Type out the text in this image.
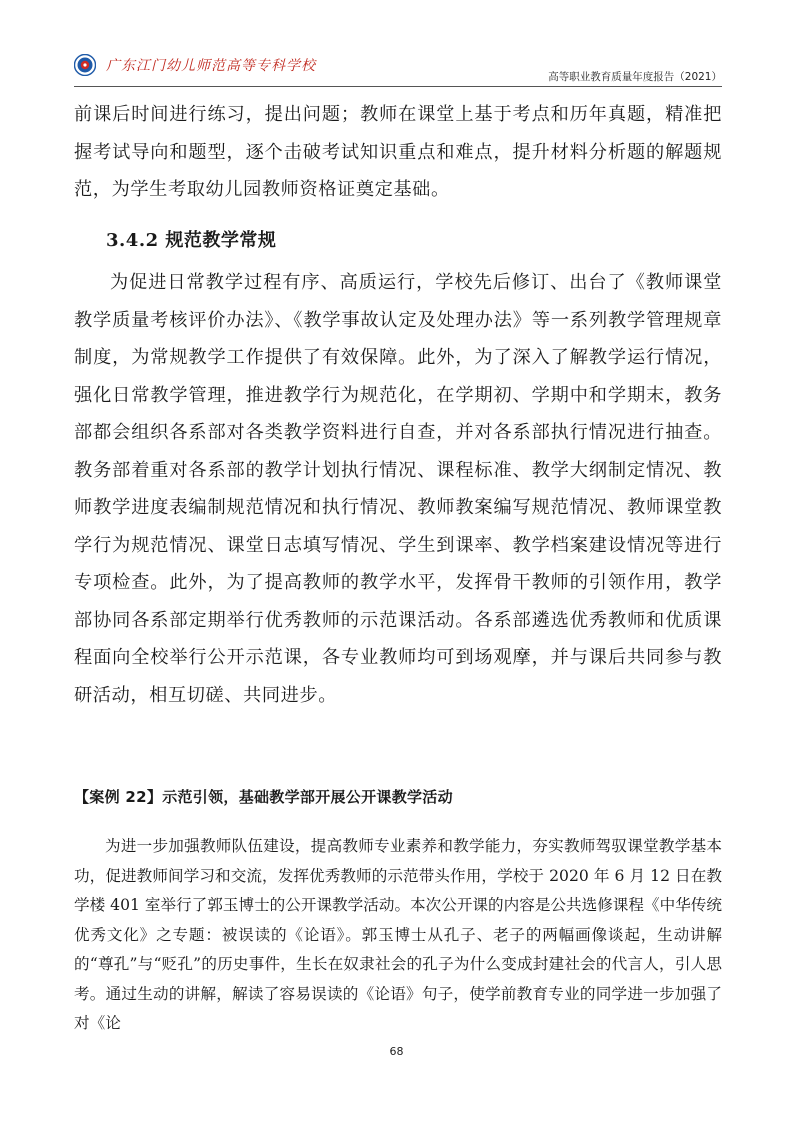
广东江门幼儿师范高等专科学校
高等职业教育质量年度报告（2021）
前课后时间进行练习，提出问题；教师在课堂上基于考点和历年真题，精准把握考试导向和题型，逐个击破考试知识重点和难点，提升材料分析题的解题规范，为学生考取幼儿园教师资格证奠定基础。
3.4.2 规范教学常规
为促进日常教学过程有序、高质运行，学校先后修订、出台了《教师课堂教学质量考核评价办法》、《教学事故认定及处理办法》等一系列教学管理规章制度，为常规教学工作提供了有效保障。此外，为了深入了解教学运行情况，强化日常教学管理，推进教学行为规范化，在学期初、学期中和学期末，教务部都会组织各系部对各类教学资料进行自查，并对各系部执行情况进行抽查。教务部着重对各系部的教学计划执行情况、课程标准、教学大纲制定情况、教师教学进度表编制规范情况和执行情况、教师教案编写规范情况、教师课堂教学行为规范情况、课堂日志填写情况、学生到课率、教学档案建设情况等进行专项检查。此外，为了提高教师的教学水平，发挥骨干教师的引领作用，教学部协同各系部定期举行优秀教师的示范课活动。各系部遴选优秀教师和优质课程面向全校举行公开示范课，各专业教师均可到场观摩，并与课后共同参与教研活动，相互切磋、共同进步。
【案例 22】示范引领，基础教学部开展公开课教学活动
为进一步加强教师队伍建设，提高教师专业素养和教学能力，夯实教师驾驭课堂教学基本功，促进教师间学习和交流，发挥优秀教师的示范带头作用，学校于 2020 年 6 月 12 日在教学楼 401 室举行了郭玉博士的公开课教学活动。本次公开课的内容是公共选修课程《中华传统优秀文化》之专题：被误读的《论语》。郭玉博士从孔子、老子的两幅画像谈起，生动讲解的“尊孔”与“贬孔”的历史事件，生长在奴隶社会的孔子为什么变成封建社会的代言人，引人思考。通过生动的讲解，解读了容易误读的《论语》句子，使学前教育专业的同学进一步加强了对《论
68
